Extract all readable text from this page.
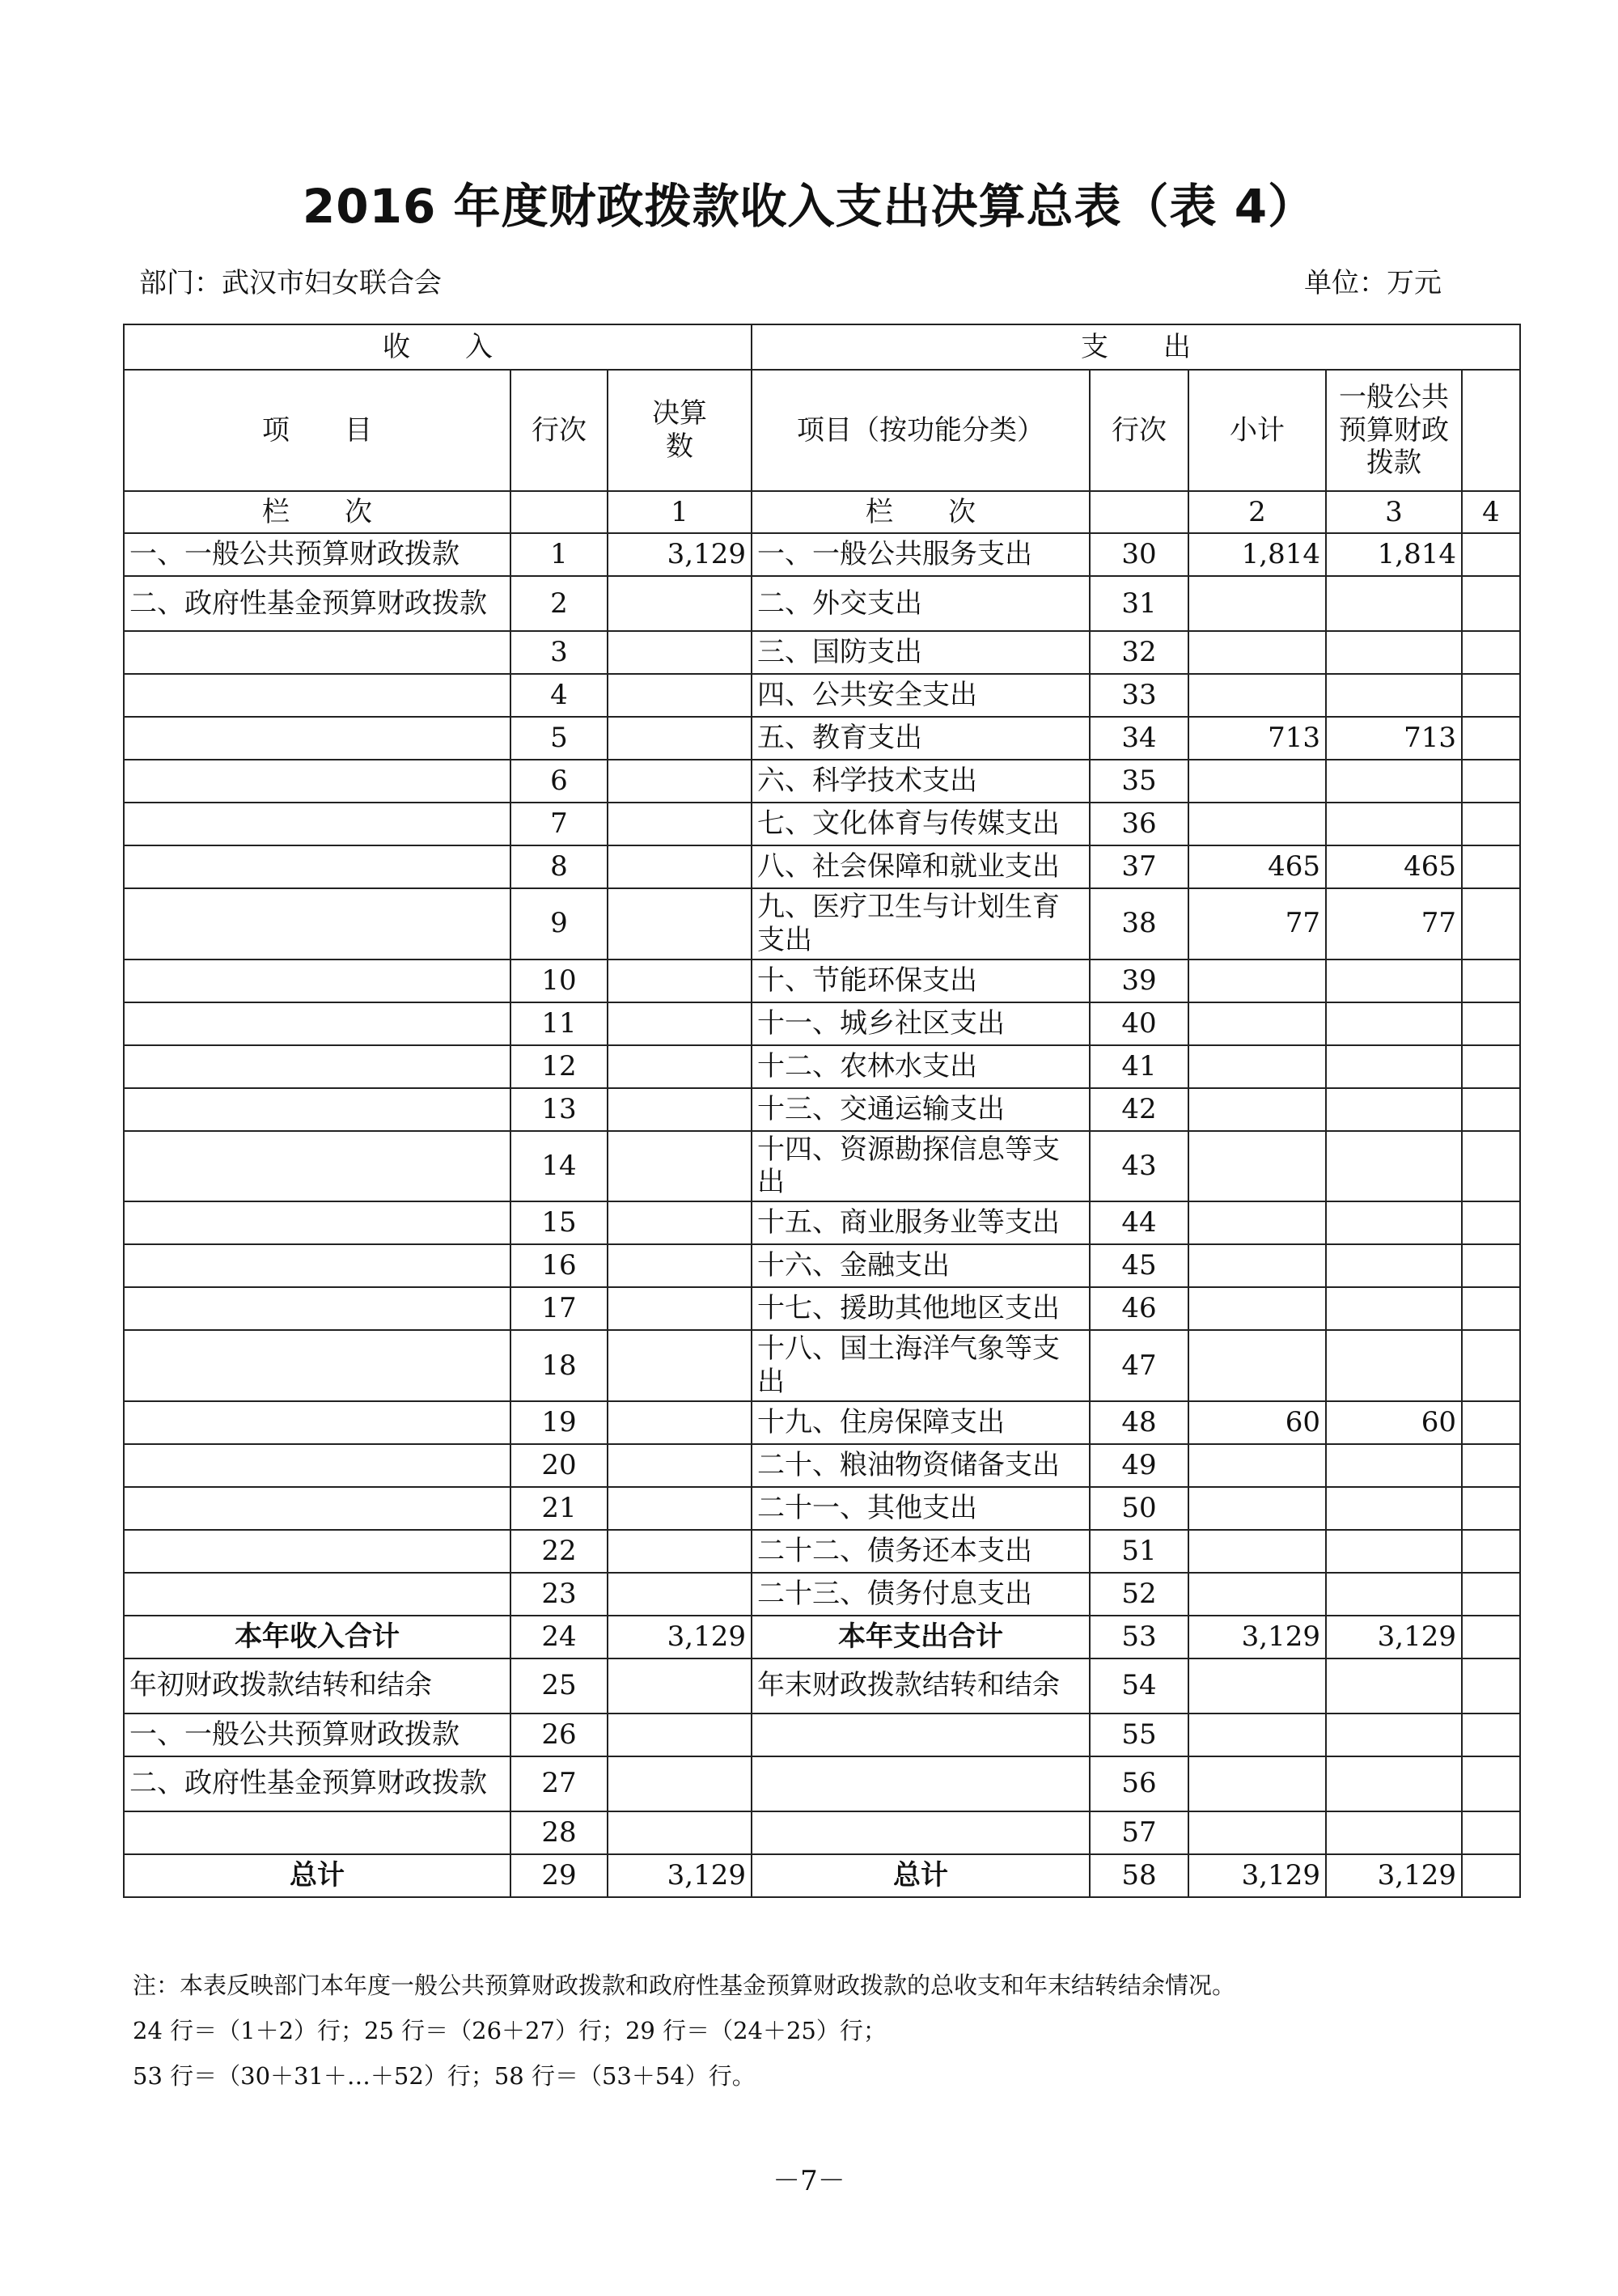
2016 年度财政拨款收入支出决算总表（表 4）
部门：武汉市妇女联合会	单位：万元
收　　入			支　　出				
项　　目	行次	决算数	项目（按功能分类）	行次	小计	一般公共预算财政拨款	
栏　　次		1	栏　　次		2	3	4
一、一般公共预算财政拨款	1	3,129	一、一般公共服务支出	30	1,814	1,814	
二、政府性基金预算财政拨款	2		二、外交支出	31			
	3		三、国防支出	32			
	4		四、公共安全支出	33			
	5		五、教育支出	34	713	713	
	6		六、科学技术支出	35			
	7		七、文化体育与传媒支出	36			
	8		八、社会保障和就业支出	37	465	465	
	9		九、医疗卫生与计划生育支出	38	77	77	
	10		十、节能环保支出	39			
	11		十一、城乡社区支出	40			
	12		十二、农林水支出	41			
	13		十三、交通运输支出	42			
	14		十四、资源勘探信息等支出	43			
	15		十五、商业服务业等支出	44			
	16		十六、金融支出	45			
	17		十七、援助其他地区支出	46			
	18		十八、国土海洋气象等支出	47			
	19		十九、住房保障支出	48	60	60	
	20		二十、粮油物资储备支出	49			
	21		二十一、其他支出	50			
	22		二十二、债务还本支出	51			
	23		二十三、债务付息支出	52			
本年收入合计	24	3,129	本年支出合计	53	3,129	3,129	
年初财政拨款结转和结余	25		年末财政拨款结转和结余	54			
一、一般公共预算财政拨款	26			55			
二、政府性基金预算财政拨款	27			56			
	28			57			
总计	29	3,129	总计	58	3,129	3,129	
注：本表反映部门本年度一般公共预算财政拨款和政府性基金预算财政拨款的总收支和年末结转结余情况。
24 行＝（1＋2）行；25 行＝（26＋27）行；29 行＝（24＋25）行；
53 行＝（30＋31＋…＋52）行；58 行＝（53＋54）行。
－7－
